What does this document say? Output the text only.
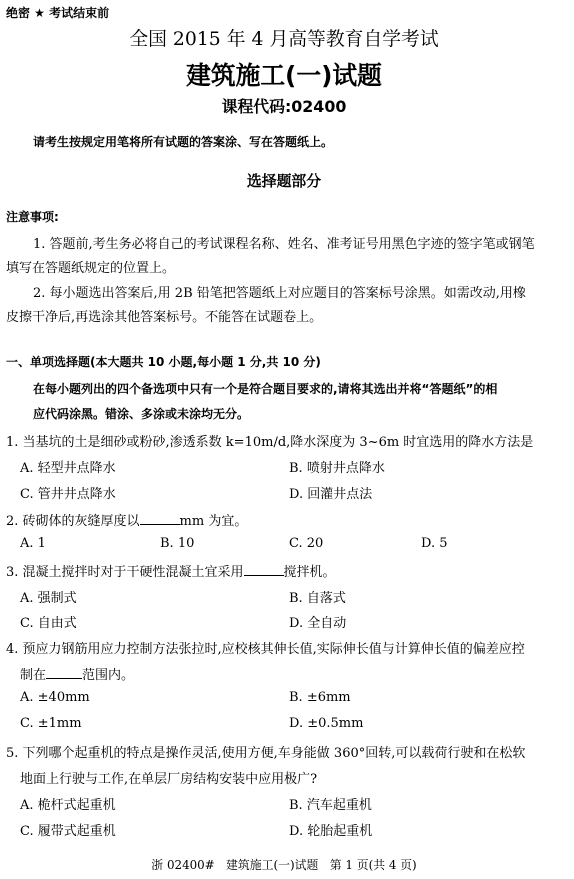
绝密 ★ 考试结束前
全国 2015 年 4 月高等教育自学考试
建筑施工(一)试题
课程代码:02400
请考生按规定用笔将所有试题的答案涂、写在答题纸上。
选择题部分
注意事项:
1. 答题前,考生务必将自己的考试课程名称、姓名、准考证号用黑色字迹的签字笔或钢笔
填写在答题纸规定的位置上。
2. 每小题选出答案后,用 2B 铅笔把答题纸上对应题目的答案标号涂黑。如需改动,用橡
皮擦干净后,再选涂其他答案标号。不能答在试题卷上。
一、单项选择题(本大题共 10 小题,每小题 1 分,共 10 分)
在每小题列出的四个备选项中只有一个是符合题目要求的,请将其选出并将“答题纸”的相
应代码涂黑。错涂、多涂或未涂均无分。
1. 当基坑的土是细砂或粉砂,渗透系数 k=10m/d,降水深度为 3~6m 时宜选用的降水方法是
A. 轻型井点降水	B. 喷射井点降水
C. 管井井点降水	D. 回灌井点法
2. 砖砌体的灰缝厚度以	mm 为宜。
A. 1	B. 10	C. 20	D. 5
3. 混凝土搅拌时对于干硬性混凝土宜采用	搅拌机。
A. 强制式	B. 自落式
C. 自由式	D. 全自动
4. 预应力钢筋用应力控制方法张拉时,应校核其伸长值,实际伸长值与计算伸长值的偏差应控
制在	范围内。
A. ±40mm	B. ±6mm
C. ±1mm	D. ±0.5mm
5. 下列哪个起重机的特点是操作灵活,使用方便,车身能做 360°回转,可以载荷行驶和在松软
地面上行驶与工作,在单层厂房结构安装中应用极广?
A. 桅杆式起重机	B. 汽车起重机
C. 履带式起重机	D. 轮胎起重机
浙 02400#   建筑施工(一)试题   第 1 页(共 4 页)
